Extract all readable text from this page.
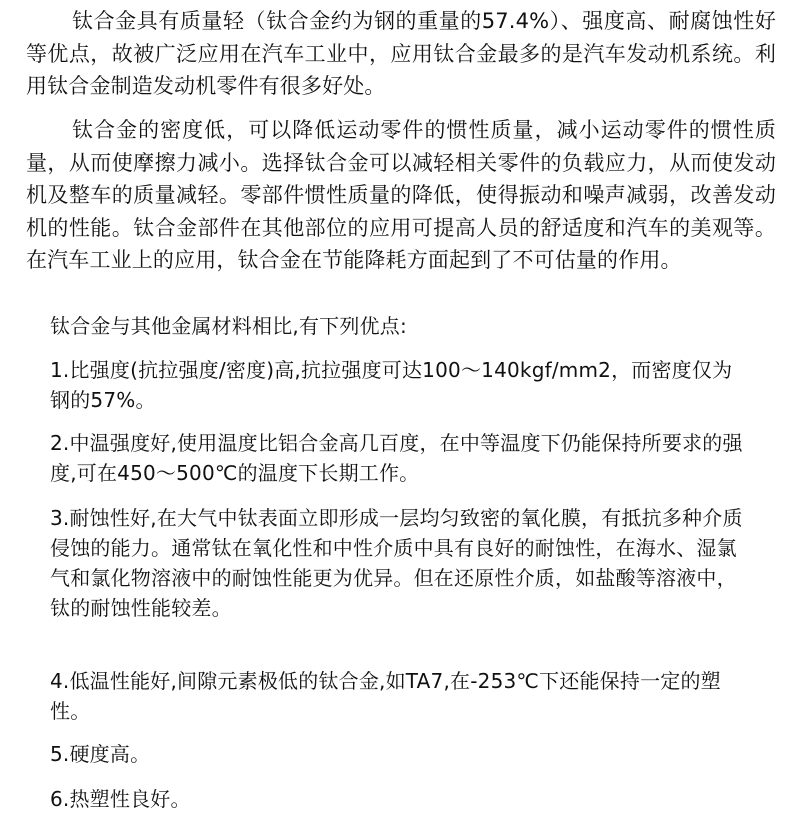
钛合金具有质量轻（钛合金约为钢的重量的57.4%）、强度高、耐腐蚀性好等优点，故被广泛应用在汽车工业中，应用钛合金最多的是汽车发动机系统。利用钛合金制造发动机零件有很多好处。

钛合金的密度低，可以降低运动零件的惯性质量，减小运动零件的惯性质量，从而使摩擦力减小。选择钛合金可以减轻相关零件的负载应力，从而使发动机及整车的质量减轻。零部件惯性质量的降低，使得振动和噪声减弱，改善发动机的性能。钛合金部件在其他部位的应用可提高人员的舒适度和汽车的美观等。在汽车工业上的应用，钛合金在节能降耗方面起到了不可估量的作用。

钛合金与其他金属材料相比,有下列优点:

1.比强度(抗拉强度/密度)高,抗拉强度可达100～140kgf/mm2，而密度仅为钢的57%。

2.中温强度好,使用温度比铝合金高几百度，在中等温度下仍能保持所要求的强度,可在450～500℃的温度下长期工作。

3.耐蚀性好,在大气中钛表面立即形成一层均匀致密的氧化膜，有抵抗多种介质侵蚀的能力。通常钛在氧化性和中性介质中具有良好的耐蚀性，在海水、湿氯气和氯化物溶液中的耐蚀性能更为优异。但在还原性介质，如盐酸等溶液中，钛的耐蚀性能较差。

4.低温性能好,间隙元素极低的钛合金,如TA7,在-253℃下还能保持一定的塑性。

5.硬度高。

6.热塑性良好。
